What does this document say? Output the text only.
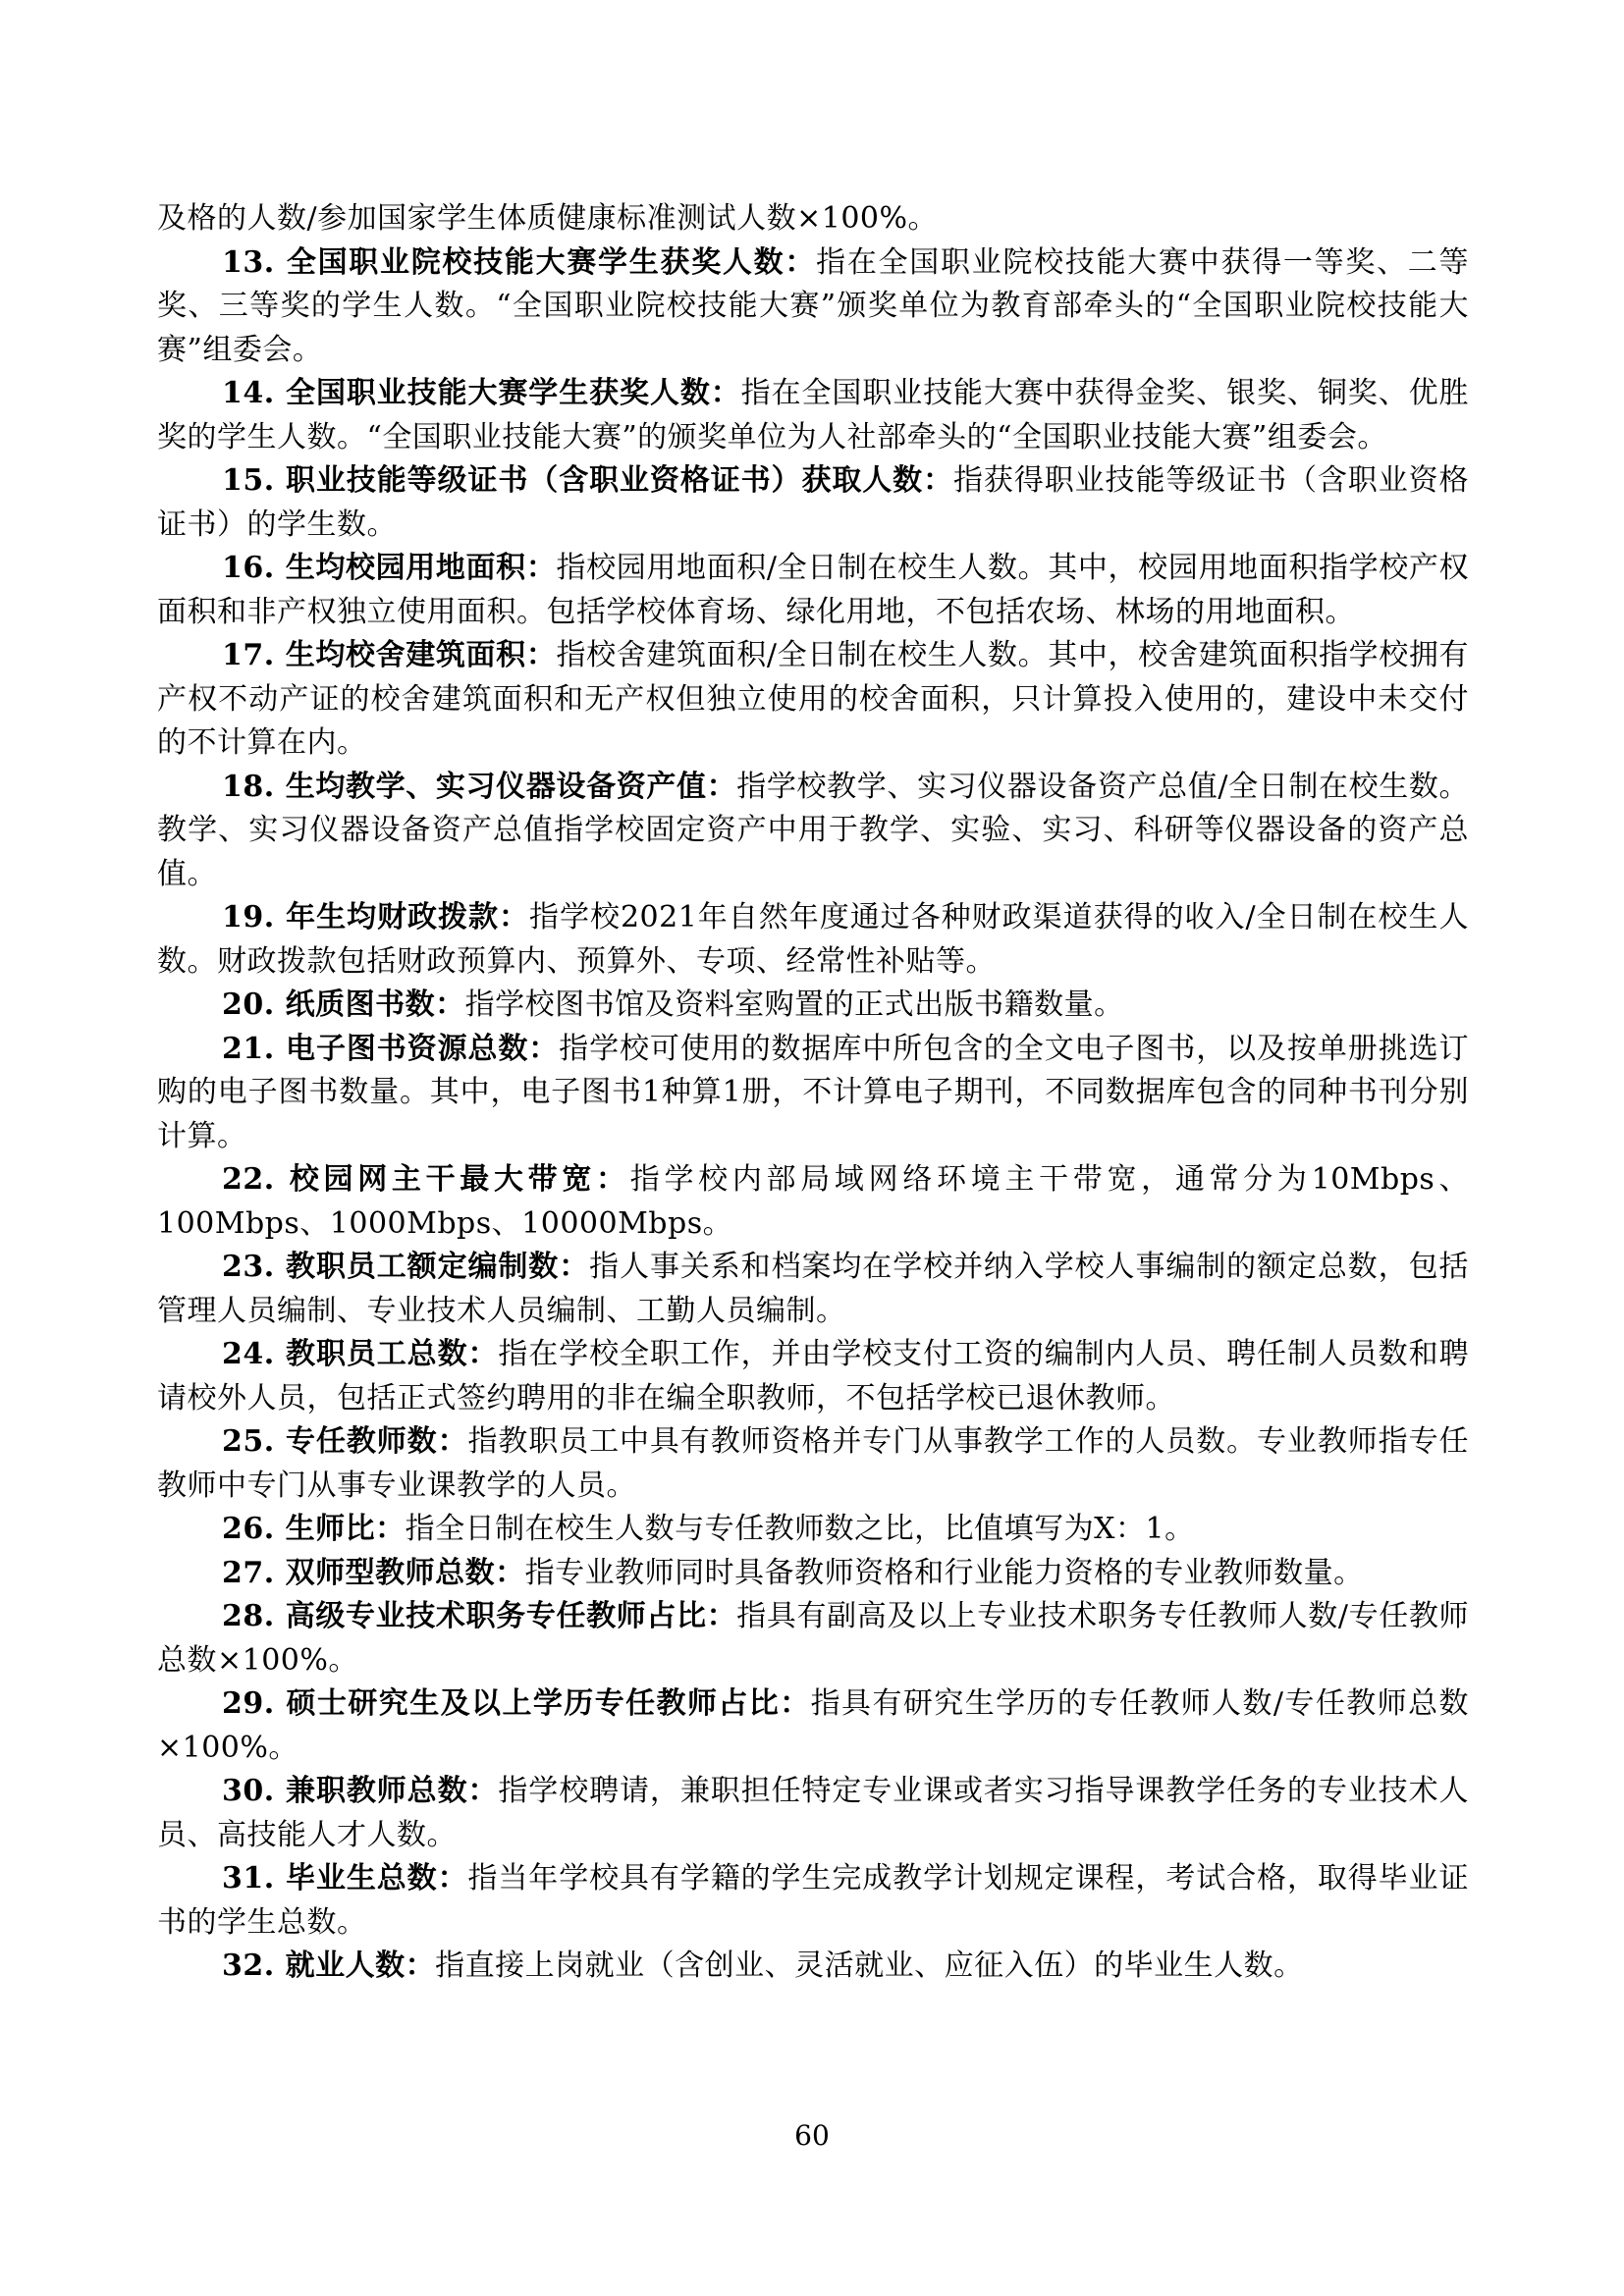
及格的人数/参加国家学生体质健康标准测试人数×100%。

13. 全国职业院校技能大赛学生获奖人数：指在全国职业院校技能大赛中获得一等奖、二等奖、三等奖的学生人数。“全国职业院校技能大赛”颁奖单位为教育部牵头的“全国职业院校技能大赛”组委会。

14. 全国职业技能大赛学生获奖人数：指在全国职业技能大赛中获得金奖、银奖、铜奖、优胜奖的学生人数。“全国职业技能大赛”的颁奖单位为人社部牵头的“全国职业技能大赛”组委会。

15. 职业技能等级证书（含职业资格证书）获取人数：指获得职业技能等级证书（含职业资格证书）的学生数。

16. 生均校园用地面积：指校园用地面积/全日制在校生人数。其中，校园用地面积指学校产权面积和非产权独立使用面积。包括学校体育场、绿化用地，不包括农场、林场的用地面积。

17. 生均校舍建筑面积：指校舍建筑面积/全日制在校生人数。其中，校舍建筑面积指学校拥有产权不动产证的校舍建筑面积和无产权但独立使用的校舍面积，只计算投入使用的，建设中未交付的不计算在内。

18. 生均教学、实习仪器设备资产值：指学校教学、实习仪器设备资产总值/全日制在校生数。教学、实习仪器设备资产总值指学校固定资产中用于教学、实验、实习、科研等仪器设备的资产总值。

19. 年生均财政拨款：指学校2021年自然年度通过各种财政渠道获得的收入/全日制在校生人数。财政拨款包括财政预算内、预算外、专项、经常性补贴等。

20. 纸质图书数：指学校图书馆及资料室购置的正式出版书籍数量。

21. 电子图书资源总数：指学校可使用的数据库中所包含的全文电子图书，以及按单册挑选订购的电子图书数量。其中，电子图书1种算1册，不计算电子期刊，不同数据库包含的同种书刊分别计算。

22. 校园网主干最大带宽：指学校内部局域网络环境主干带宽，通常分为10Mbps、100Mbps、1000Mbps、10000Mbps。

23. 教职员工额定编制数：指人事关系和档案均在学校并纳入学校人事编制的额定总数，包括管理人员编制、专业技术人员编制、工勤人员编制。

24. 教职员工总数：指在学校全职工作，并由学校支付工资的编制内人员、聘任制人员数和聘请校外人员，包括正式签约聘用的非在编全职教师，不包括学校已退休教师。

25. 专任教师数：指教职员工中具有教师资格并专门从事教学工作的人员数。专业教师指专任教师中专门从事专业课教学的人员。

26. 生师比：指全日制在校生人数与专任教师数之比，比值填写为X：1。

27. 双师型教师总数：指专业教师同时具备教师资格和行业能力资格的专业教师数量。

28. 高级专业技术职务专任教师占比：指具有副高及以上专业技术职务专任教师人数/专任教师总数×100%。

29. 硕士研究生及以上学历专任教师占比：指具有研究生学历的专任教师人数/专任教师总数×100%。

30. 兼职教师总数：指学校聘请，兼职担任特定专业课或者实习指导课教学任务的专业技术人员、高技能人才人数。

31. 毕业生总数：指当年学校具有学籍的学生完成教学计划规定课程，考试合格，取得毕业证书的学生总数。

32. 就业人数：指直接上岗就业（含创业、灵活就业、应征入伍）的毕业生人数。

60
